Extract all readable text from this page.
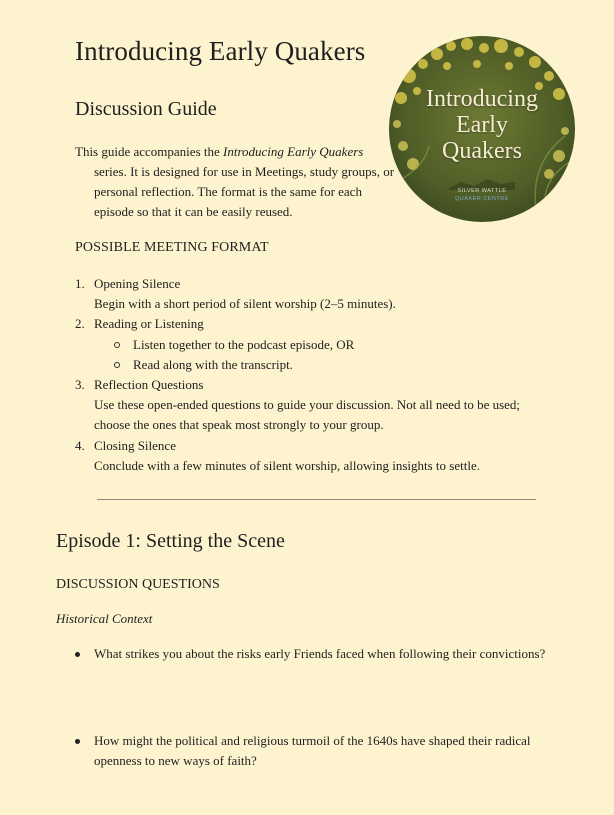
Introducing Early Quakers
Discussion Guide

This guide accompanies the Introducing Early Quakers series. It is designed for use in Meetings, study groups, or personal reflection. The format is the same for each episode so that it can be easily reused.

Introducing
Early
Quakers
SILVER WATTLE
QUAKER CENTRE
POSSIBLE MEETING FORMAT
1. Opening Silence
Begin with a short period of silent worship (2–5 minutes).
2. Reading or Listening
Listen together to the podcast episode, OR
Read along with the transcript.
3. Reflection Questions
Use these open-ended questions to guide your discussion. Not all need to be used; choose the ones that speak most strongly to your group.
4. Closing Silence
Conclude with a few minutes of silent worship, allowing insights to settle.
Episode 1: Setting the Scene
DISCUSSION QUESTIONS

Historical Context

What strikes you about the risks early Friends faced when following their convictions?

How might the political and religious turmoil of the 1640s have shaped their radical openness to new ways of faith?
